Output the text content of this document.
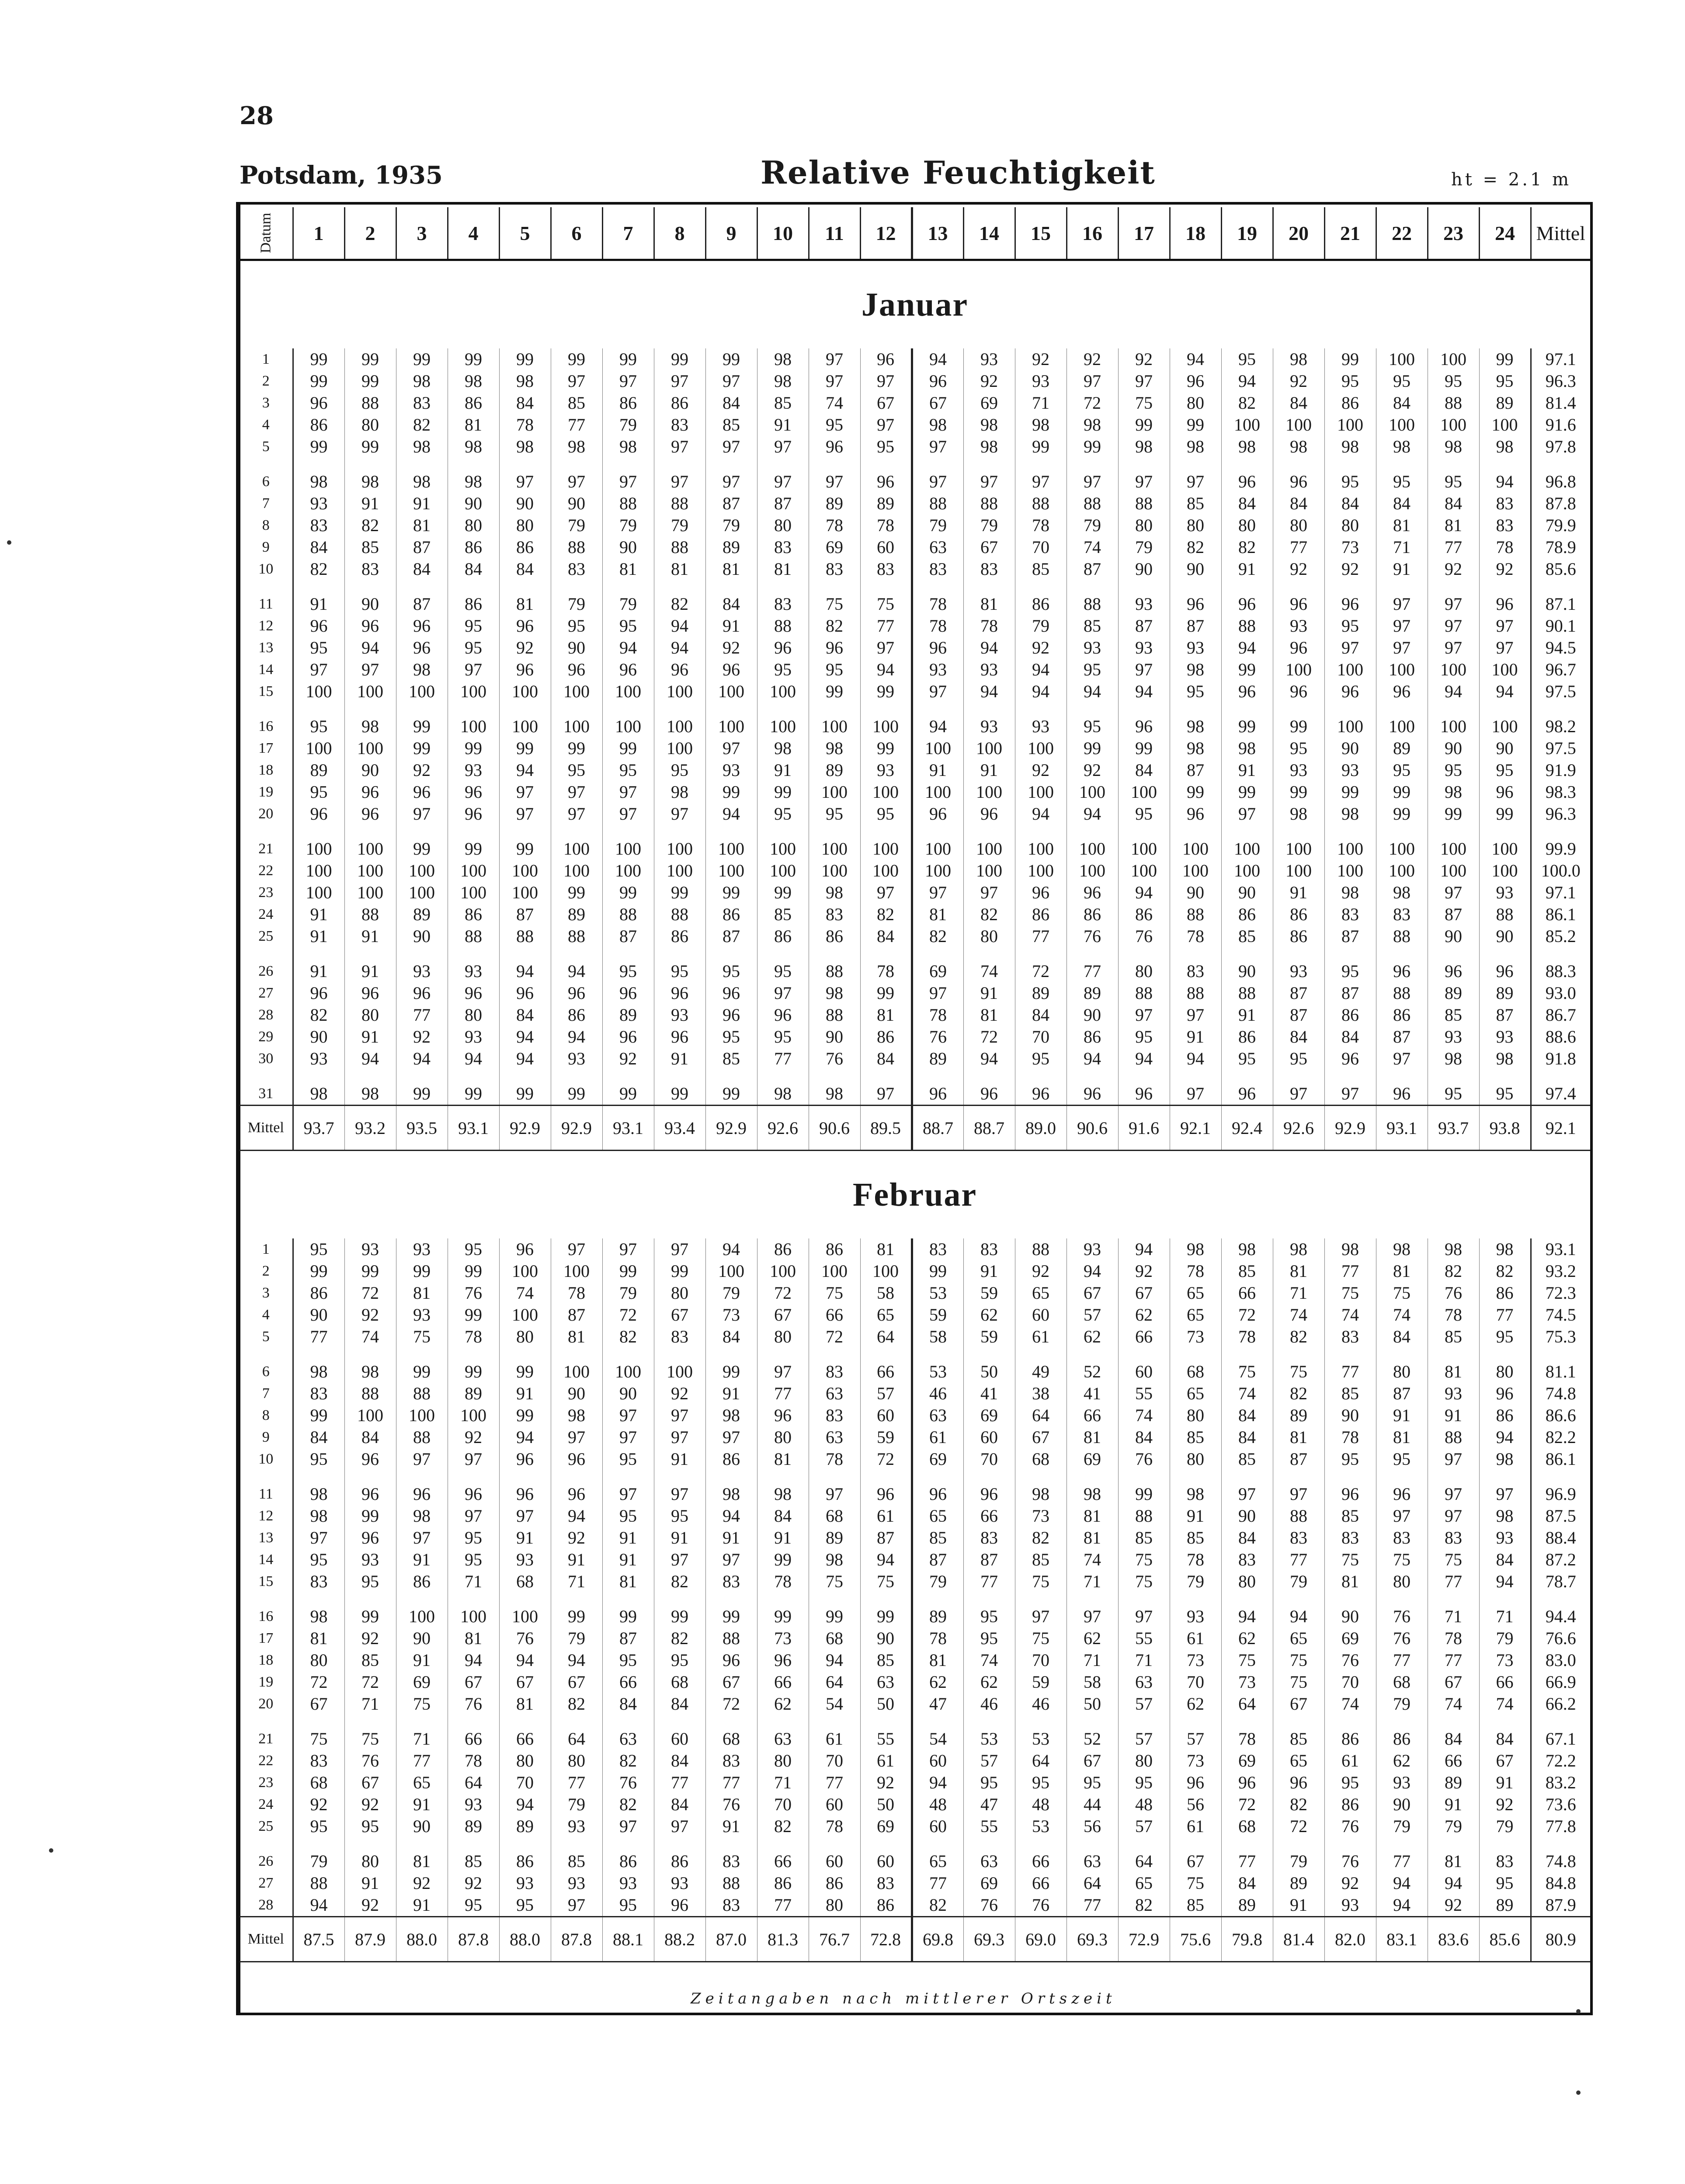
28
Potsdam, 1935	Relative Feuchtigkeit	ht = 2.1 m
Datum	1	2	3	4	5	6	7	8	9	10	11	12	13	14	15	16	17	18	19	20	21	22	23	24	Mittel
Januar																									
1	99	99	99	99	99	99	99	99	99	98	97	96	94	93	92	92	92	94	95	98	99	100	100	99	97.1
2	99	99	98	98	98	97	97	97	97	98	97	97	96	92	93	97	97	96	94	92	95	95	95	95	96.3
3	96	88	83	86	84	85	86	86	84	85	74	67	67	69	71	72	75	80	82	84	86	84	88	89	81.4
4	86	80	82	81	78	77	79	83	85	91	95	97	98	98	98	98	99	99	100	100	100	100	100	100	91.6
5	99	99	98	98	98	98	98	97	97	97	96	95	97	98	99	99	98	98	98	98	98	98	98	98	97.8

6	98	98	98	98	97	97	97	97	97	97	97	96	97	97	97	97	97	97	96	96	95	95	95	94	96.8
7	93	91	91	90	90	90	88	88	87	87	89	89	88	88	88	88	88	85	84	84	84	84	84	83	87.8
8	83	82	81	80	80	79	79	79	79	80	78	78	79	79	78	79	80	80	80	80	80	81	81	83	79.9
9	84	85	87	86	86	88	90	88	89	83	69	60	63	67	70	74	79	82	82	77	73	71	77	78	78.9
10	82	83	84	84	84	83	81	81	81	81	83	83	83	83	85	87	90	90	91	92	92	91	92	92	85.6

11	91	90	87	86	81	79	79	82	84	83	75	75	78	81	86	88	93	96	96	96	96	97	97	96	87.1
12	96	96	96	95	96	95	95	94	91	88	82	77	78	78	79	85	87	87	88	93	95	97	97	97	90.1
13	95	94	96	95	92	90	94	94	92	96	96	97	96	94	92	93	93	93	94	96	97	97	97	97	94.5
14	97	97	98	97	96	96	96	96	96	95	95	94	93	93	94	95	97	98	99	100	100	100	100	100	96.7
15	100	100	100	100	100	100	100	100	100	100	99	99	97	94	94	94	94	95	96	96	96	96	94	94	97.5

16	95	98	99	100	100	100	100	100	100	100	100	100	94	93	93	95	96	98	99	99	100	100	100	100	98.2
17	100	100	99	99	99	99	99	100	97	98	98	99	100	100	100	99	99	98	98	95	90	89	90	90	97.5
18	89	90	92	93	94	95	95	95	93	91	89	93	91	91	92	92	84	87	91	93	93	95	95	95	91.9
19	95	96	96	96	97	97	97	98	99	99	100	100	100	100	100	100	100	99	99	99	99	99	98	96	98.3
20	96	96	97	96	97	97	97	97	94	95	95	95	96	96	94	94	95	96	97	98	98	99	99	99	96.3

21	100	100	99	99	99	100	100	100	100	100	100	100	100	100	100	100	100	100	100	100	100	100	100	100	99.9
22	100	100	100	100	100	100	100	100	100	100	100	100	100	100	100	100	100	100	100	100	100	100	100	100	100.0
23	100	100	100	100	100	99	99	99	99	99	98	97	97	97	96	96	94	90	90	91	98	98	97	93	97.1
24	91	88	89	86	87	89	88	88	86	85	83	82	81	82	86	86	86	88	86	86	83	83	87	88	86.1
25	91	91	90	88	88	88	87	86	87	86	86	84	82	80	77	76	76	78	85	86	87	88	90	90	85.2

26	91	91	93	93	94	94	95	95	95	95	88	78	69	74	72	77	80	83	90	93	95	96	96	96	88.3
27	96	96	96	96	96	96	96	96	96	97	98	99	97	91	89	89	88	88	88	87	87	88	89	89	93.0
28	82	80	77	80	84	86	89	93	96	96	88	81	78	81	84	90	97	97	91	87	86	86	85	87	86.7
29	90	91	92	93	94	94	96	96	95	95	90	86	76	72	70	86	95	91	86	84	84	87	93	93	88.6
30	93	94	94	94	94	93	92	91	85	77	76	84	89	94	95	94	94	94	95	95	96	97	98	98	91.8

31	98	98	99	99	99	99	99	99	99	98	98	97	96	96	96	96	96	97	96	97	97	96	95	95	97.4
Mittel	93.7	93.2	93.5	93.1	92.9	92.9	93.1	93.4	92.9	92.6	90.6	89.5	88.7	88.7	89.0	90.6	91.6	92.1	92.4	92.6	92.9	93.1	93.7	93.8	92.1
Februar																									
1	95	93	93	95	96	97	97	97	94	86	86	81	83	83	88	93	94	98	98	98	98	98	98	98	93.1
2	99	99	99	99	100	100	99	99	100	100	100	100	99	91	92	94	92	78	85	81	77	81	82	82	93.2
3	86	72	81	76	74	78	79	80	79	72	75	58	53	59	65	67	67	65	66	71	75	75	76	86	72.3
4	90	92	93	99	100	87	72	67	73	67	66	65	59	62	60	57	62	65	72	74	74	74	78	77	74.5
5	77	74	75	78	80	81	82	83	84	80	72	64	58	59	61	62	66	73	78	82	83	84	85	95	75.3

6	98	98	99	99	99	100	100	100	99	97	83	66	53	50	49	52	60	68	75	75	77	80	81	80	81.1
7	83	88	88	89	91	90	90	92	91	77	63	57	46	41	38	41	55	65	74	82	85	87	93	96	74.8
8	99	100	100	100	99	98	97	97	98	96	83	60	63	69	64	66	74	80	84	89	90	91	91	86	86.6
9	84	84	88	92	94	97	97	97	97	80	63	59	61	60	67	81	84	85	84	81	78	81	88	94	82.2
10	95	96	97	97	96	96	95	91	86	81	78	72	69	70	68	69	76	80	85	87	95	95	97	98	86.1

11	98	96	96	96	96	96	97	97	98	98	97	96	96	96	98	98	99	98	97	97	96	96	97	97	96.9
12	98	99	98	97	97	94	95	95	94	84	68	61	65	66	73	81	88	91	90	88	85	97	97	98	87.5
13	97	96	97	95	91	92	91	91	91	91	89	87	85	83	82	81	85	85	84	83	83	83	83	93	88.4
14	95	93	91	95	93	91	91	97	97	99	98	94	87	87	85	74	75	78	83	77	75	75	75	84	87.2
15	83	95	86	71	68	71	81	82	83	78	75	75	79	77	75	71	75	79	80	79	81	80	77	94	78.7

16	98	99	100	100	100	99	99	99	99	99	99	99	89	95	97	97	97	93	94	94	90	76	71	71	94.4
17	81	92	90	81	76	79	87	82	88	73	68	90	78	95	75	62	55	61	62	65	69	76	78	79	76.6
18	80	85	91	94	94	94	95	95	96	96	94	85	81	74	70	71	71	73	75	75	76	77	77	73	83.0
19	72	72	69	67	67	67	66	68	67	66	64	63	62	62	59	58	63	70	73	75	70	68	67	66	66.9
20	67	71	75	76	81	82	84	84	72	62	54	50	47	46	46	50	57	62	64	67	74	79	74	74	66.2

21	75	75	71	66	66	64	63	60	68	63	61	55	54	53	53	52	57	57	78	85	86	86	84	84	67.1
22	83	76	77	78	80	80	82	84	83	80	70	61	60	57	64	67	80	73	69	65	61	62	66	67	72.2
23	68	67	65	64	70	77	76	77	77	71	77	92	94	95	95	95	95	96	96	96	95	93	89	91	83.2
24	92	92	91	93	94	79	82	84	76	70	60	50	48	47	48	44	48	56	72	82	86	90	91	92	73.6
25	95	95	90	89	89	93	97	97	91	82	78	69	60	55	53	56	57	61	68	72	76	79	79	79	77.8

26	79	80	81	85	86	85	86	86	83	66	60	60	65	63	66	63	64	67	77	79	76	77	81	83	74.8
27	88	91	92	92	93	93	93	93	88	86	86	83	77	69	66	64	65	75	84	89	92	94	94	95	84.8
28	94	92	91	95	95	97	95	96	83	77	80	86	82	76	76	77	82	85	89	91	93	94	92	89	87.9
Mittel	87.5	87.9	88.0	87.8	88.0	87.8	88.1	88.2	87.0	81.3	76.7	72.8	69.8	69.3	69.0	69.3	72.9	75.6	79.8	81.4	82.0	83.1	83.6	85.6	80.9
Zeitangaben nach mittlerer Ortszeit
